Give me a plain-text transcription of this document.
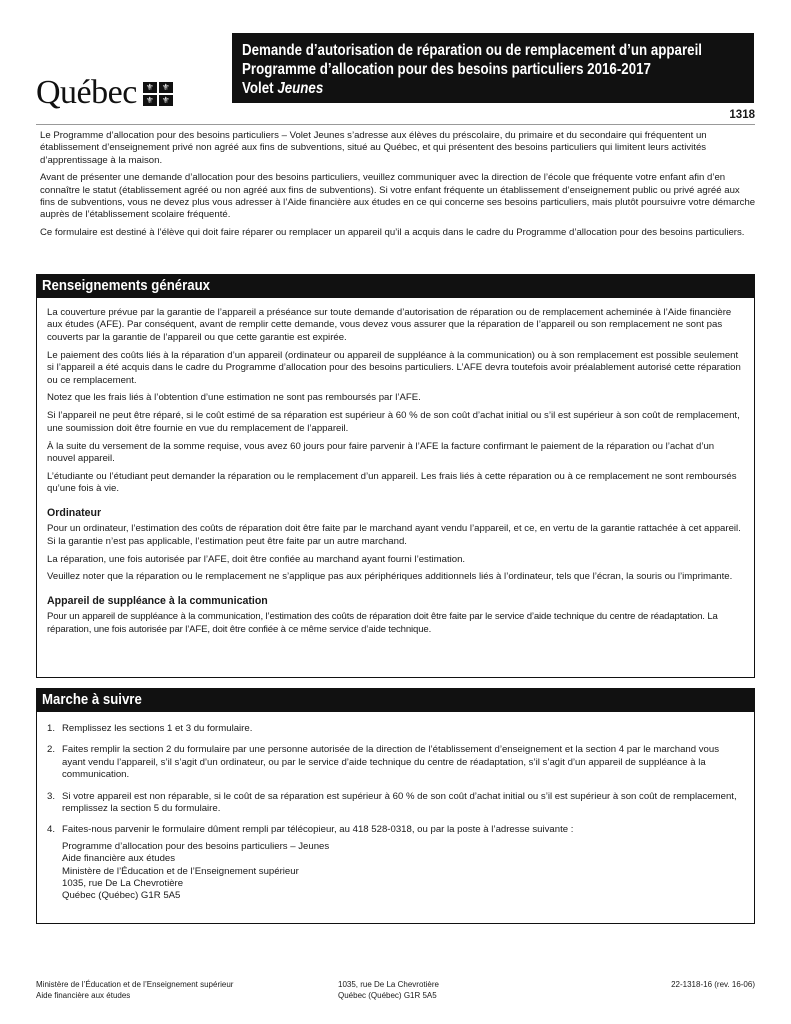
Québec ⚜ ⚜
⚜ ⚜
Demande d’autorisation de réparation ou de remplacement d’un appareil
Programme d’allocation pour des besoins particuliers 2016-2017
Volet Jeunes
1318

Le Programme d’allocation pour des besoins particuliers – Volet Jeunes s’adresse aux élèves du préscolaire, du primaire et du secondaire qui fréquentent un établissement d’enseignement privé non agréé aux fins de subventions, situé au Québec, et qui présentent des besoins particuliers qui limitent leurs activités d’apprentissage à la maison.

Avant de présenter une demande d’allocation pour des besoins particuliers, veuillez communiquer avec la direction de l’école que fréquente votre enfant afin d’en connaître le statut (établissement agréé ou non agréé aux fins de subventions). Si votre enfant fréquente un établissement d’enseignement public ou privé agréé aux fins de subventions, vous ne devez plus vous adresser à l’Aide financière aux études en ce qui concerne ses besoins particuliers, mais plutôt poursuivre votre démarche auprès de l’établissement scolaire fréquenté.

Ce formulaire est destiné à l’élève qui doit faire réparer ou remplacer un appareil qu’il a acquis dans le cadre du Programme d’allocation pour des besoins particuliers.

Renseignements généraux

La couverture prévue par la garantie de l’appareil a préséance sur toute demande d’autorisation de réparation ou de remplacement acheminée à l’Aide financière aux études (AFE). Par conséquent, avant de remplir cette demande, vous devez vous assurer que la réparation de l’appareil ou son remplacement ne sont pas couverts par la garantie de l’appareil ou que cette garantie est expirée.

Le paiement des coûts liés à la réparation d’un appareil (ordinateur ou appareil de suppléance à la communication) ou à son remplacement est possible seulement si l’appareil a été acquis dans le cadre du Programme d’allocation pour des besoins particuliers. L’AFE devra toutefois avoir préalablement autorisé cette réparation ou ce remplacement.

Notez que les frais liés à l’obtention d’une estimation ne sont pas remboursés par l’AFE.

Si l’appareil ne peut être réparé, si le coût estimé de sa réparation est supérieur à 60 % de son coût d’achat initial ou s’il est supérieur à son coût de remplacement, une soumission doit être fournie en vue du remplacement de l’appareil.

À la suite du versement de la somme requise, vous avez 60 jours pour faire parvenir à l’AFE la facture confirmant le paiement de la réparation ou l’achat d’un nouvel appareil.

L’étudiante ou l’étudiant peut demander la réparation ou le remplacement d’un appareil. Les frais liés à cette réparation ou à ce remplacement ne sont remboursés qu’une fois à vie.

Ordinateur

Pour un ordinateur, l’estimation des coûts de réparation doit être faite par le marchand ayant vendu l’appareil, et ce, en vertu de la garantie rattachée à cet appareil. Si la garantie n’est pas applicable, l’estimation peut être faite par un autre marchand.

La réparation, une fois autorisée par l’AFE, doit être confiée au marchand ayant fourni l’estimation.

Veuillez noter que la réparation ou le remplacement ne s’applique pas aux périphériques additionnels liés à l’ordinateur, tels que l’écran, la souris ou l’imprimante.

Appareil de suppléance à la communication

Pour un appareil de suppléance à la communication, l’estimation des coûts de réparation doit être faite par le service d’aide technique du centre de réadaptation. La réparation, une fois autorisée par l’AFE, doit être confiée à ce même service d’aide technique.

Marche à suivre
1. Remplissez les sections 1 et 3 du formulaire.
2. Faites remplir la section 2 du formulaire par une personne autorisée de la direction de l’établissement d’enseignement et la section 4 par le marchand vous ayant vendu l’appareil, s’il s’agit d’un ordinateur, ou par le service d’aide technique du centre de réadaptation, s’il s’agit d’un appareil de suppléance à la communication.
3. Si votre appareil est non réparable, si le coût de sa réparation est supérieur à 60 % de son coût d’achat initial ou s’il est supérieur à son coût de remplacement, remplissez la section 5 du formulaire.
4. Faites-nous parvenir le formulaire dûment rempli par télécopieur, au 418 528-0318, ou par la poste à l’adresse suivante :
Programme d’allocation pour des besoins particuliers – Jeunes
Aide financière aux études
Ministère de l’Éducation et de l’Enseignement supérieur
1035, rue De La Chevrotière
Québec (Québec) G1R 5A5
Ministère de l’Éducation et de l’Enseignement supérieur
Aide financière aux études
1035, rue De La Chevrotière
Québec (Québec) G1R 5A5
22-1318-16 (rev. 16-06)
